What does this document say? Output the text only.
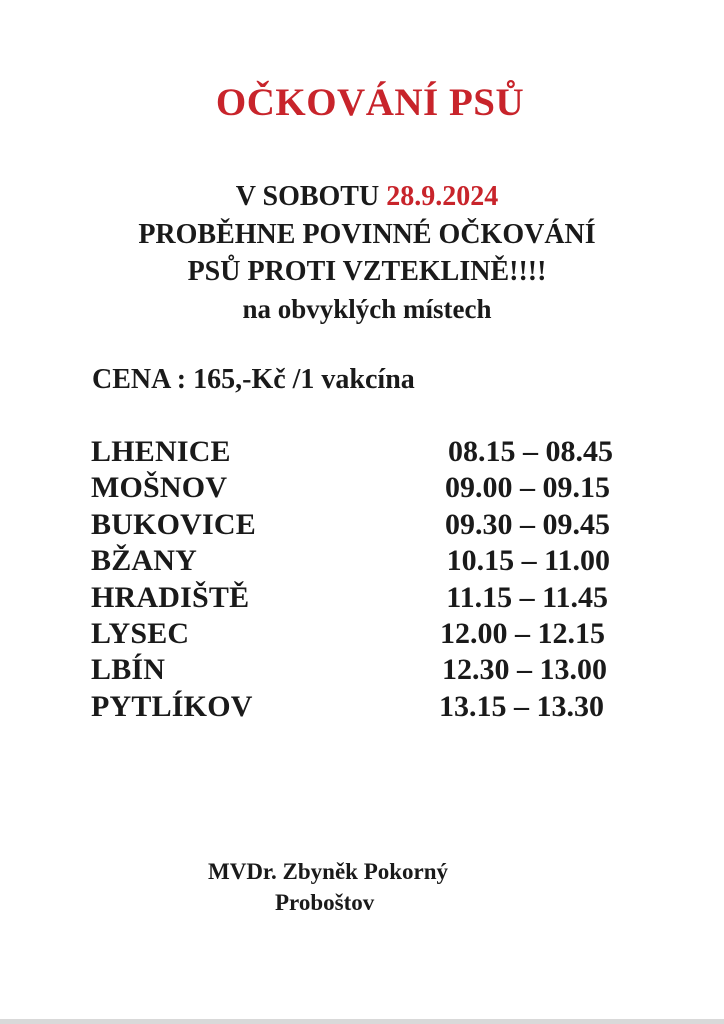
OČKOVÁNÍ PSŮ
V SOBOTU 28.9.2024
PROBĚHNE POVINNÉ OČKOVÁNÍ
PSŮ PROTI VZTEKLINĚ!!!!
na obvyklých místech
CENA : 165,-Kč /1 vakcína
LHENICE	08.15 – 08.45
MOŠNOV	09.00 – 09.15
BUKOVICE	09.30 – 09.45
BŽANY	10.15 – 11.00
HRADIŠTĚ	11.15 – 11.45
LYSEC	12.00 – 12.15
LBÍN	12.30 – 13.00
PYTLÍKOV	13.15 – 13.30
MVDr. Zbyněk Pokorný
Proboštov
